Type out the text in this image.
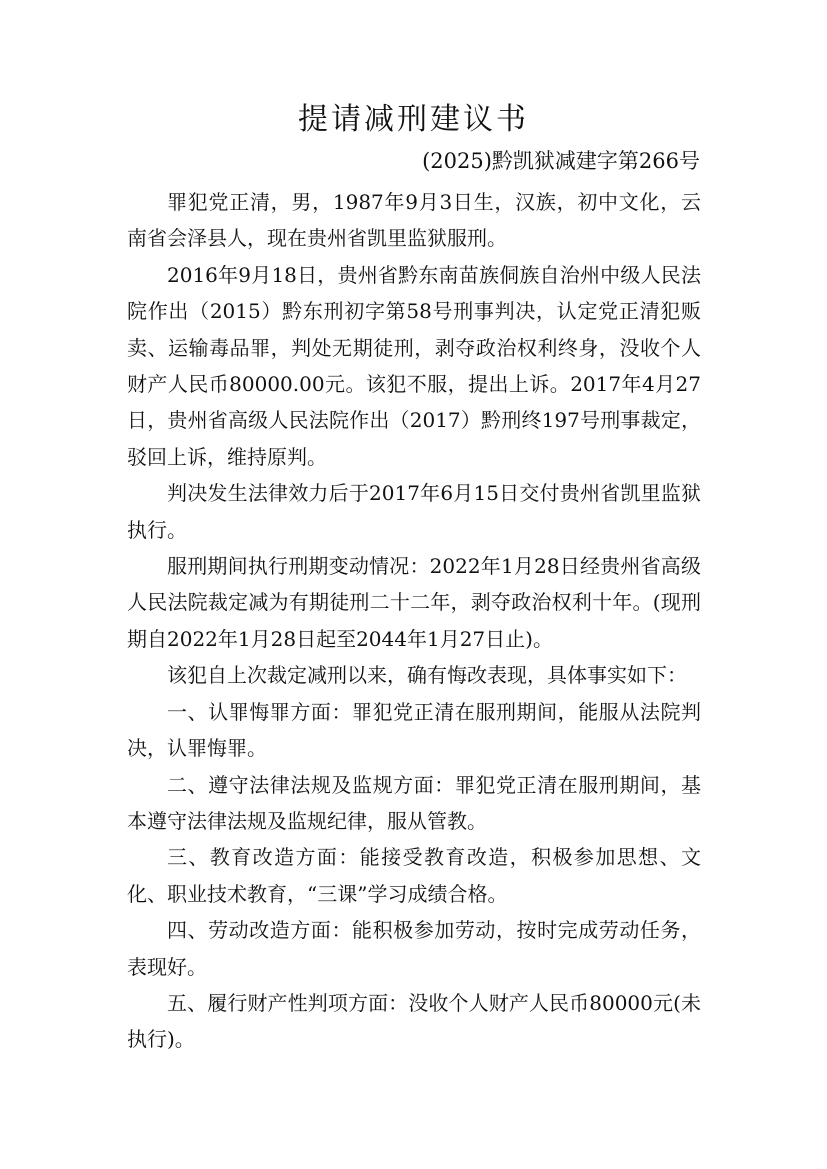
提请减刑建议书
(2025)黔凯狱减建字第266号

罪犯党正清，男，1987年9月3日生，汉族，初中文化，云南省会泽县人，现在贵州省凯里监狱服刑。

2016年9月18日，贵州省黔东南苗族侗族自治州中级人民法院作出（2015）黔东刑初字第58号刑事判决，认定党正清犯贩卖、运输毒品罪，判处无期徒刑，剥夺政治权利终身，没收个人财产人民币80000.00元。该犯不服，提出上诉。2017年4月27日，贵州省高级人民法院作出（2017）黔刑终197号刑事裁定，驳回上诉，维持原判。

判决发生法律效力后于2017年6月15日交付贵州省凯里监狱执行。

服刑期间执行刑期变动情况：2022年1月28日经贵州省高级人民法院裁定减为有期徒刑二十二年，剥夺政治权利十年。(现刑期自2022年1月28日起至2044年1月27日止)。

该犯自上次裁定减刑以来，确有悔改表现，具体事实如下：

一、认罪悔罪方面：罪犯党正清在服刑期间，能服从法院判决，认罪悔罪。

二、遵守法律法规及监规方面：罪犯党正清在服刑期间，基本遵守法律法规及监规纪律，服从管教。

三、教育改造方面：能接受教育改造，积极参加思想、文化、职业技术教育，“三课”学习成绩合格。

四、劳动改造方面：能积极参加劳动，按时完成劳动任务，表现好。

五、履行财产性判项方面：没收个人财产人民币80000元(未执行)。
